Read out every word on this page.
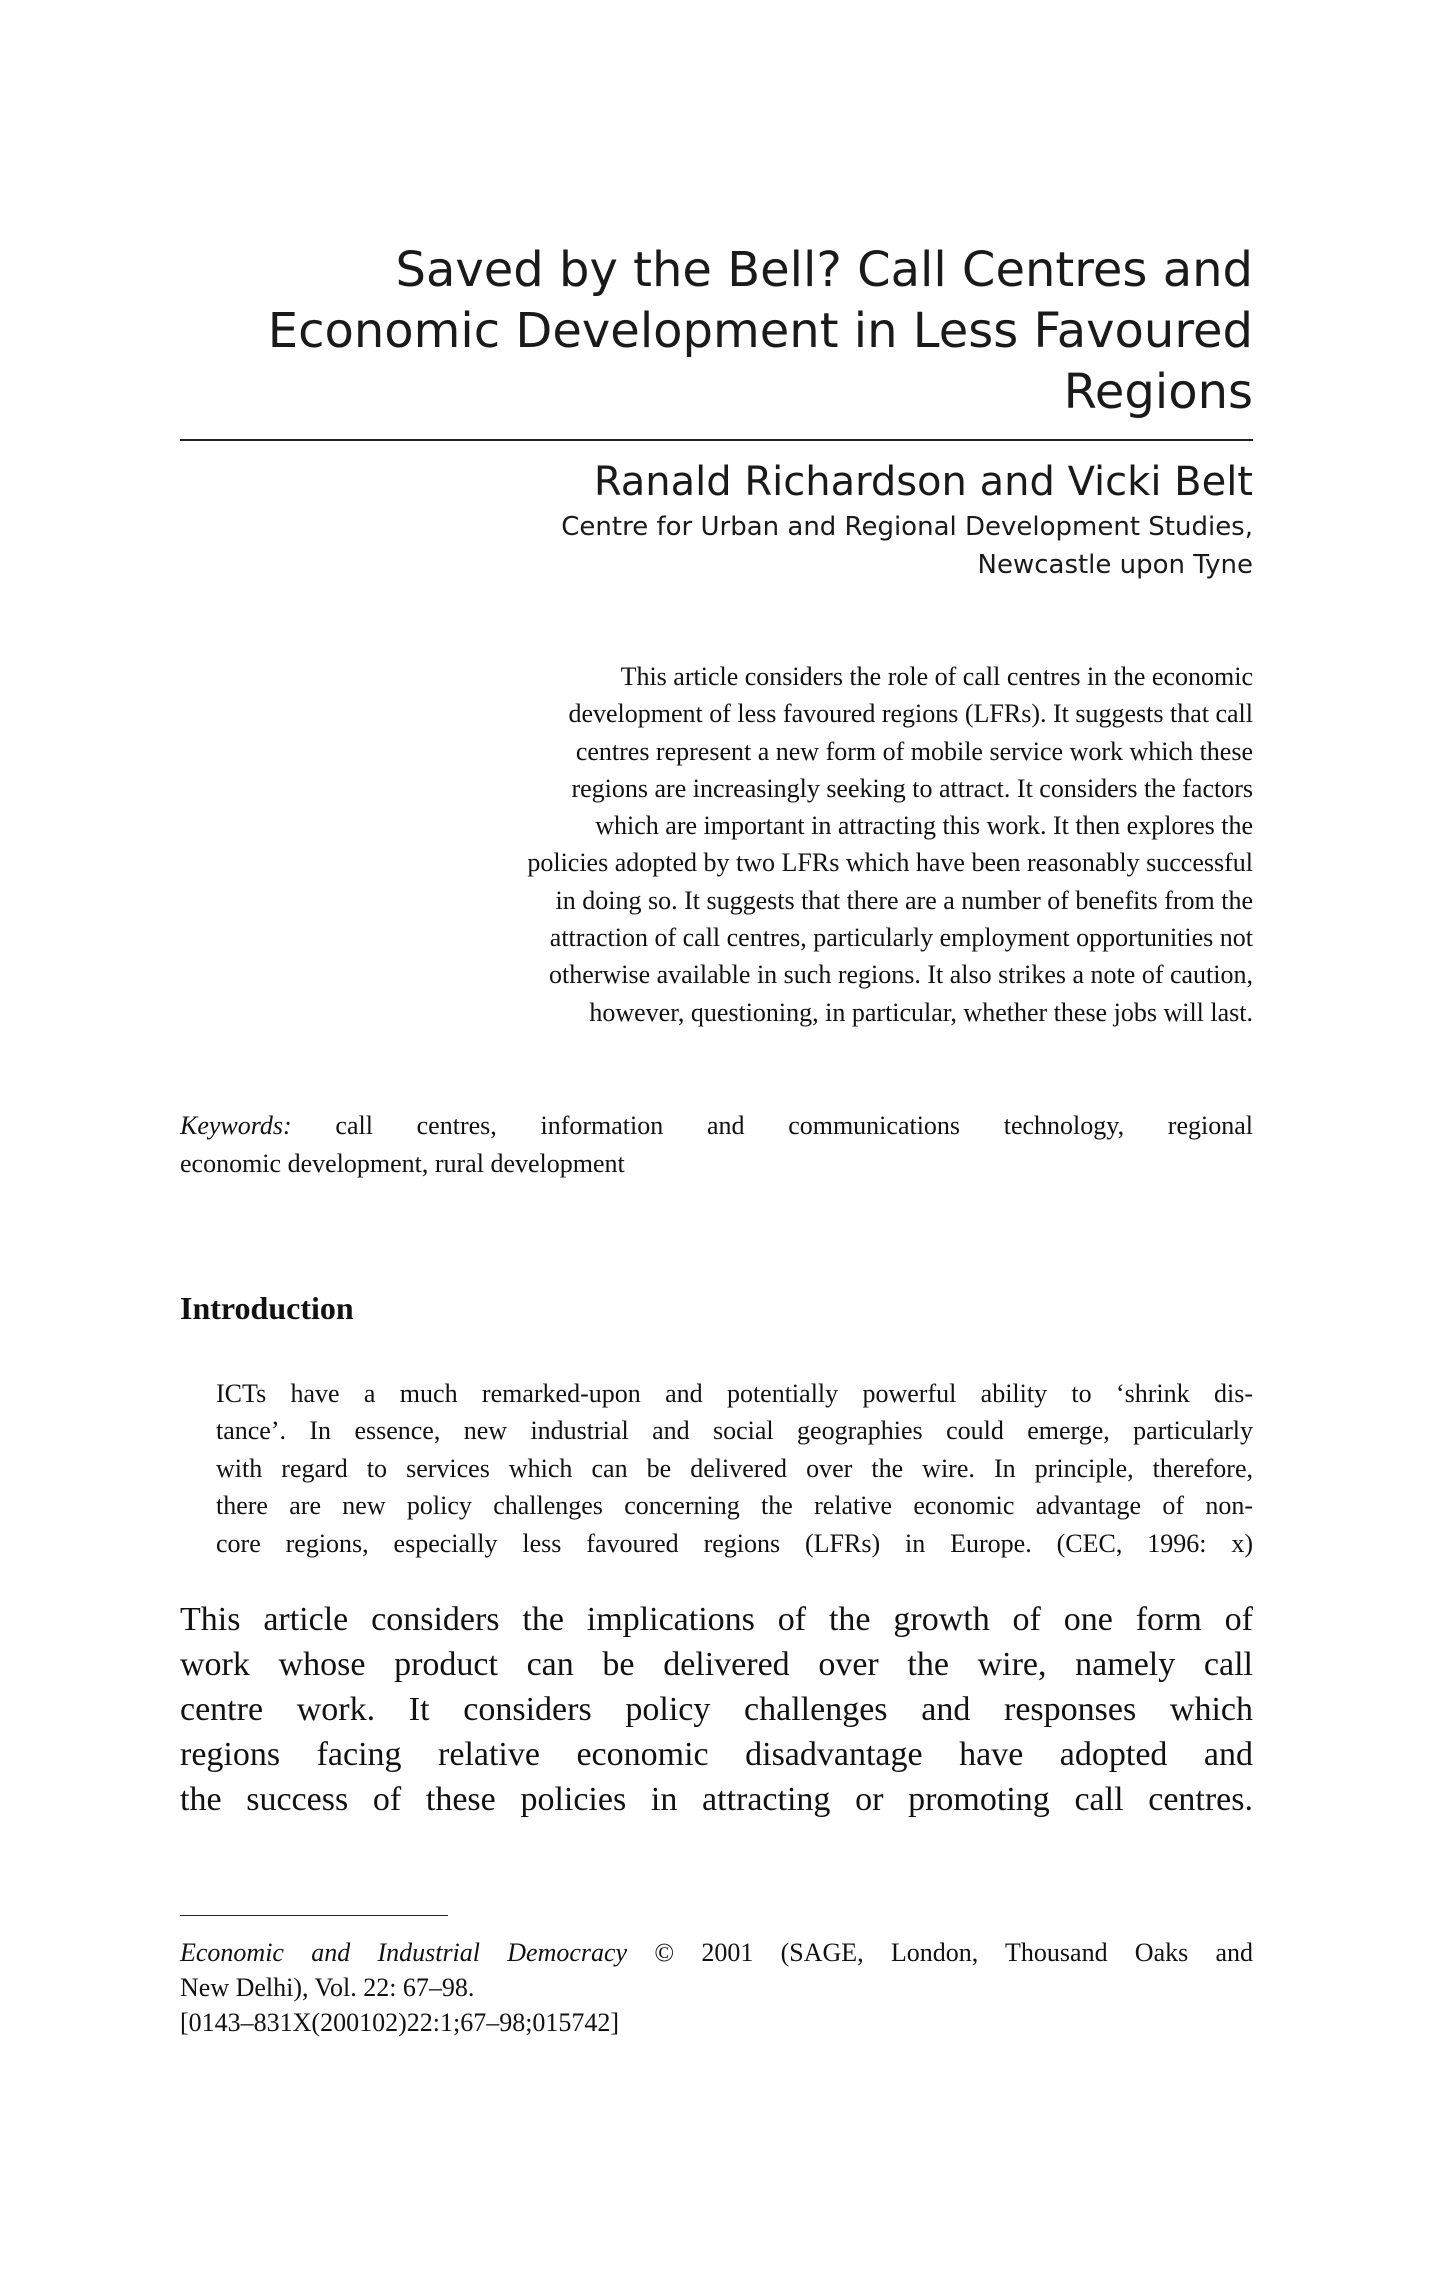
Saved by the Bell? Call Centres and
Economic Development in Less Favoured
Regions

Ranald Richardson and Vicki Belt

Centre for Urban and Regional Development Studies,
Newcastle upon Tyne

This article considers the role of call centres in the economic
development of less favoured regions (LFRs). It suggests that call
centres represent a new form of mobile service work which these
regions are increasingly seeking to attract. It considers the factors
which are important in attracting this work. It then explores the
policies adopted by two LFRs which have been reasonably successful
in doing so. It suggests that there are a number of benefits from the
attraction of call centres, particularly employment opportunities not
otherwise available in such regions. It also strikes a note of caution,
however, questioning, in particular, whether these jobs will last.
Keywords: call centres, information and communications technology, regional
economic development, rural development
Introduction
ICTs have a much remarked-upon and potentially powerful ability to ‘shrink dis-
tance’. In essence, new industrial and social geographies could emerge, particularly
with regard to services which can be delivered over the wire. In principle, therefore,
there are new policy challenges concerning the relative economic advantage of non-
core regions, especially less favoured regions (LFRs) in Europe. (CEC, 1996: x)
This article considers the implications of the growth of one form of
work whose product can be delivered over the wire, namely call
centre work. It considers policy challenges and responses which
regions facing relative economic disadvantage have adopted and
the success of these policies in attracting or promoting call centres.
Economic and Industrial Democracy © 2001 (SAGE, London, Thousand Oaks and
New Delhi), Vol. 22: 67–98.
[0143–831X(200102)22:1;67–98;015742]
